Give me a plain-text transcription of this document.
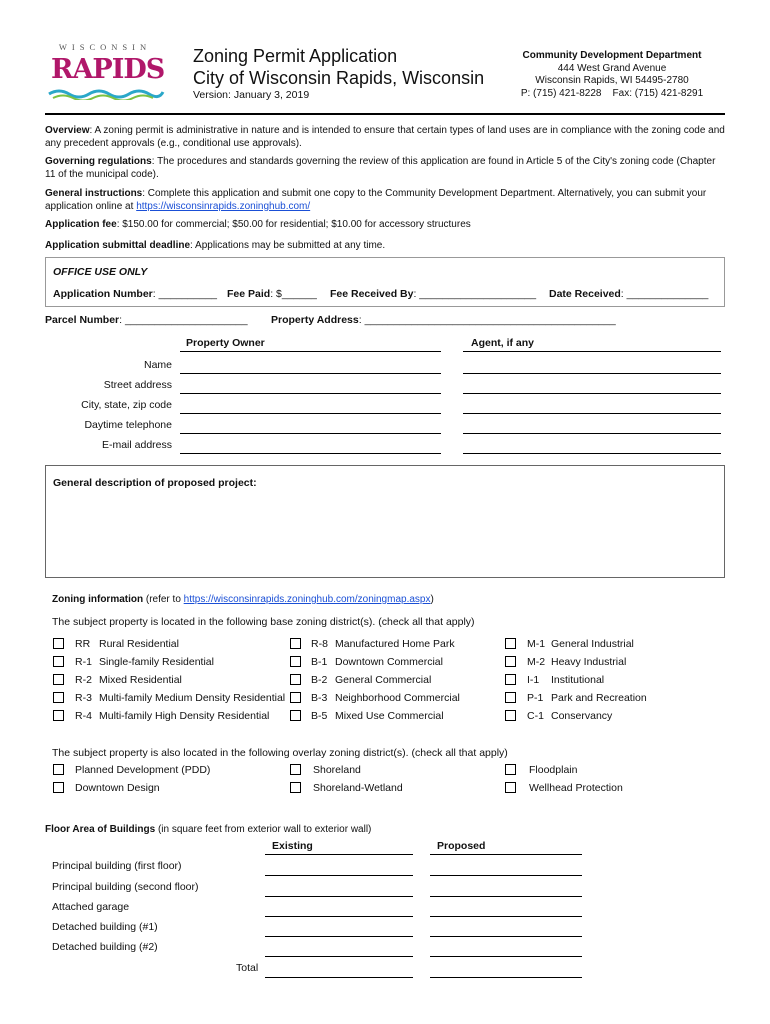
WISCONSIN
RAPIDS Zoning Permit Application
City of Wisconsin Rapids, Wisconsin
Version: January 3, 2019
Community Development Department
444 West Grand Avenue
Wisconsin Rapids, WI 54495-2780
P: (715) 421-8228    Fax: (715) 421-8291
Overview: A zoning permit is administrative in nature and is intended to ensure that certain types of land uses are in compliance with the zoning code and any precedent approvals (e.g., conditional use approvals).
Governing regulations: The procedures and standards governing the review of this application are found in Article 5 of the City's zoning code (Chapter 11 of the municipal code).
General instructions: Complete this application and submit one copy to the Community Development Department. Alternatively, you can submit your application online at https://wisconsinrapids.zoninghub.com/
Application fee: $150.00 for commercial; $50.00 for residential; $10.00 for accessory structures
Application submittal deadline: Applications may be submitted at any time.
OFFICE USE ONLY
Application Number: __________ Fee Paid: $______ Fee Received By: ____________________ Date Received: ______________
Parcel Number: _____________________ Property Address: ___________________________________________
Property Owner	Agent, if any
Name
Street address
City, state, zip code
Daytime telephone
E-mail address
General description of proposed project:
Zoning information (refer to https://wisconsinrapids.zoninghub.com/zoningmap.aspx)
The subject property is located in the following base zoning district(s). (check all that apply)
RR Rural Residential
R-1 Single-family Residential
R-2 Mixed Residential
R-3 Multi-family Medium Density Residential
R-4 Multi-family High Density Residential
R-8 Manufactured Home Park
B-1 Downtown Commercial
B-2 General Commercial
B-3 Neighborhood Commercial
B-5 Mixed Use Commercial
M-1 General Industrial
M-2 Heavy Industrial
I-1 Institutional
P-1 Park and Recreation
C-1 Conservancy
The subject property is also located in the following overlay zoning district(s). (check all that apply)
Planned Development (PDD)	Shoreland	Floodplain
Downtown Design	Shoreland-Wetland	Wellhead Protection
Floor Area of Buildings (in square feet from exterior wall to exterior wall)
Existing	Proposed
Principal building (first floor)
Principal building (second floor)
Attached garage
Detached building (#1)
Detached building (#2)
Total
